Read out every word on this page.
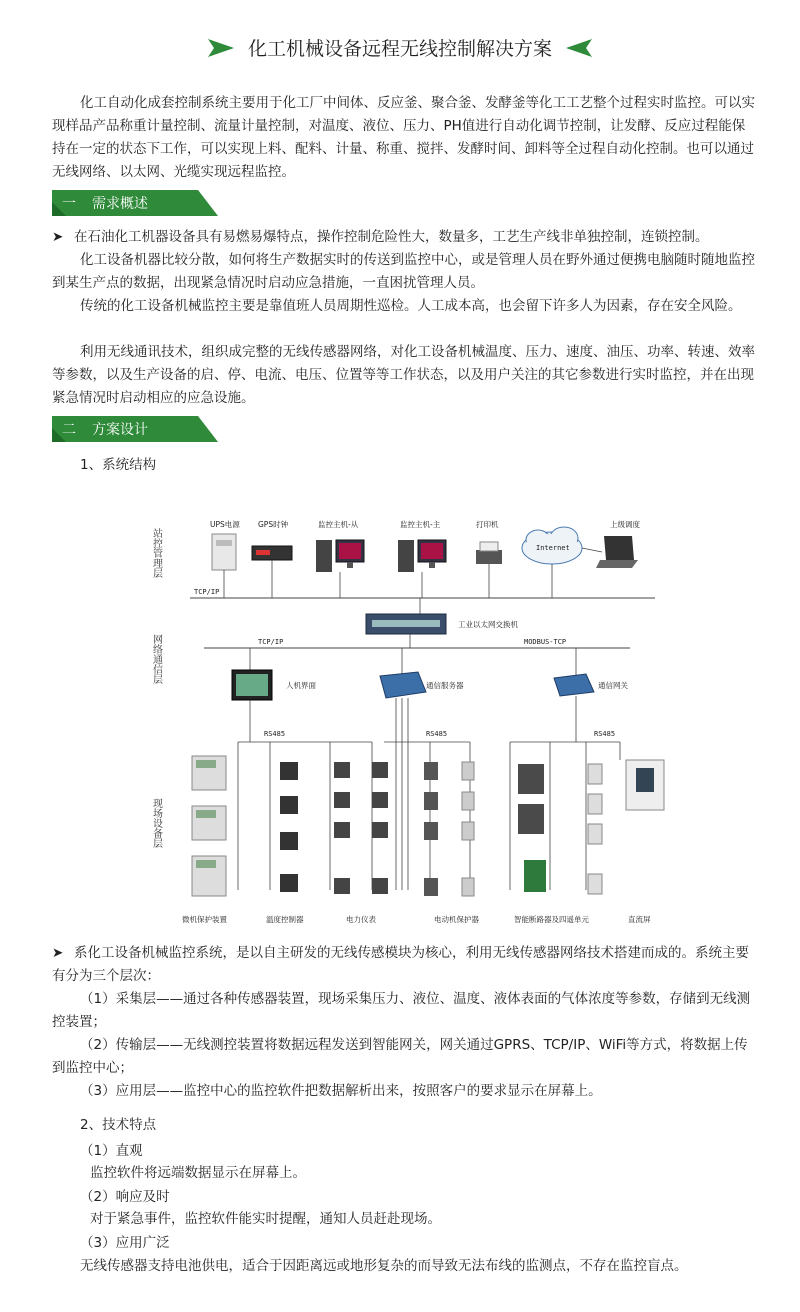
化工机械设备远程无线控制解决方案
化工自动化成套控制系统主要用于化工厂中间体、反应釜、聚合釜、发酵釜等化工工艺整个过程实时监控。可以实现样品产品称重计量控制、流量计量控制，对温度、液位、压力、PH值进行自动化调节控制，让发酵、反应过程能保持在一定的状态下工作，可以实现上料、配料、计量、称重、搅拌、发酵时间、卸料等全过程自动化控制。也可以通过无线网络、以太网、光缆实现远程监控。
一 需求概述
➤ 在石油化工机器设备具有易燃易爆特点，操作控制危险性大，数量多，工艺生产线非单独控制，连锁控制。
化工设备机器比较分散，如何将生产数据实时的传送到监控中心，或是管理人员在野外通过便携电脑随时随地监控到某生产点的数据，出现紧急情况时启动应急措施，一直困扰管理人员。
传统的化工设备机械监控主要是靠值班人员周期性巡检。人工成本高，也会留下许多人为因素，存在安全风险。
利用无线通讯技术，组织成完整的无线传感器网络，对化工设备机械温度、压力、速度、油压、功率、转速、效率等参数，以及生产设备的启、停、电流、电压、位置等等工作状态，以及用户关注的其它参数进行实时监控，并在出现紧急情况时启动相应的应急设施。
二 方案设计
1、系统结构
站控管理层
网络通信层
现场设备层
UPS电源 GPS时钟	监控主机-从	监控主机-主	打印机
Internet
上级调度
TCP/IP
工业以太网交换机
TCP/IP	MODBUS-TCP
人机界面	通信服务器	通信网关
RS485	RS485	RS485
微机保护装置	温度控制器	电力仪表	电动机保护器	智能断路器及四遥单元	直流屏
➤ 系化工设备机械监控系统，是以自主研发的无线传感模块为核心，利用无线传感器网络技术搭建而成的。系统主要有分为三个层次：
（1）采集层——通过各种传感器装置，现场采集压力、液位、温度、液体表面的气体浓度等参数，存储到无线测控装置；
（2）传输层——无线测控装置将数据远程发送到智能网关，网关通过GPRS、TCP/IP、WiFi等方式，将数据上传到监控中心；
（3）应用层——监控中心的监控软件把数据解析出来，按照客户的要求显示在屏幕上。
2、技术特点
（1）直观
监控软件将远端数据显示在屏幕上。
（2）响应及时
对于紧急事件，监控软件能实时提醒，通知人员赶赴现场。
（3）应用广泛
无线传感器支持电池供电，适合于因距离远或地形复杂的而导致无法布线的监测点，不存在监控盲点。
